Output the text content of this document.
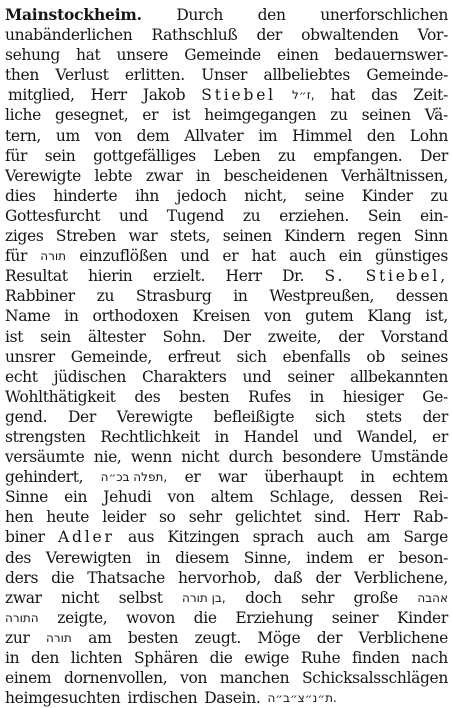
Mainstockheim. Durch den unerforschlichen
unabänderlichen Rathschluß der obwaltenden Vor-
sehung hat unsere Gemeinde einen bedauernswer-
then Verlust erlitten. Unser allbeliebtes Gemeinde-
mitglied, Herr Jakob Stiebel ז״ל, hat das Zeit-
liche gesegnet, er ist heimgegangen zu seinen Vä-
tern, um von dem Allvater im Himmel den Lohn
für sein gottgefälliges Leben zu empfangen. Der
Verewigte lebte zwar in bescheidenen Verhältnissen,
dies hinderte ihn jedoch nicht, seine Kinder zu
Gottesfurcht und Tugend zu erziehen. Sein ein-
ziges Streben war stets, seinen Kindern regen Sinn
für תורה einzuflößen und er hat auch ein günstiges
Resultat hierin erzielt. Herr Dr. S. Stiebel,
Rabbiner zu Strasburg in Westpreußen, dessen
Name in orthodoxen Kreisen von gutem Klang ist,
ist sein ältester Sohn. Der zweite, der Vorstand
unsrer Gemeinde, erfreut sich ebenfalls ob seines
echt jüdischen Charakters und seiner allbekannten
Wohlthätigkeit des besten Rufes in hiesiger Ge-
gend. Der Verewigte befleißigte sich stets der
strengsten Rechtlichkeit in Handel und Wandel, er
versäumte nie, wenn nicht durch besondere Umstände
gehindert, תפלה בכ״ה, er war überhaupt in echtem
Sinne ein Jehudi von altem Schlage, dessen Rei-
hen heute leider so sehr gelichtet sind. Herr Rab-
biner Adler aus Kitzingen sprach auch am Sarge
des Verewigten in diesem Sinne, indem er beson-
ders die Thatsache hervorhob, daß der Verblichene,
zwar nicht selbst בן תורה, doch sehr große אהבה
התורה zeigte, wovon die Erziehung seiner Kinder
zur תורה am besten zeugt. Möge der Verblichene
in den lichten Sphären die ewige Ruhe finden nach
einem dornenvollen, von manchen Schicksalsschlägen
heimgesuchten irdischen Dasein. ת״נ״צ״ב״ה.
